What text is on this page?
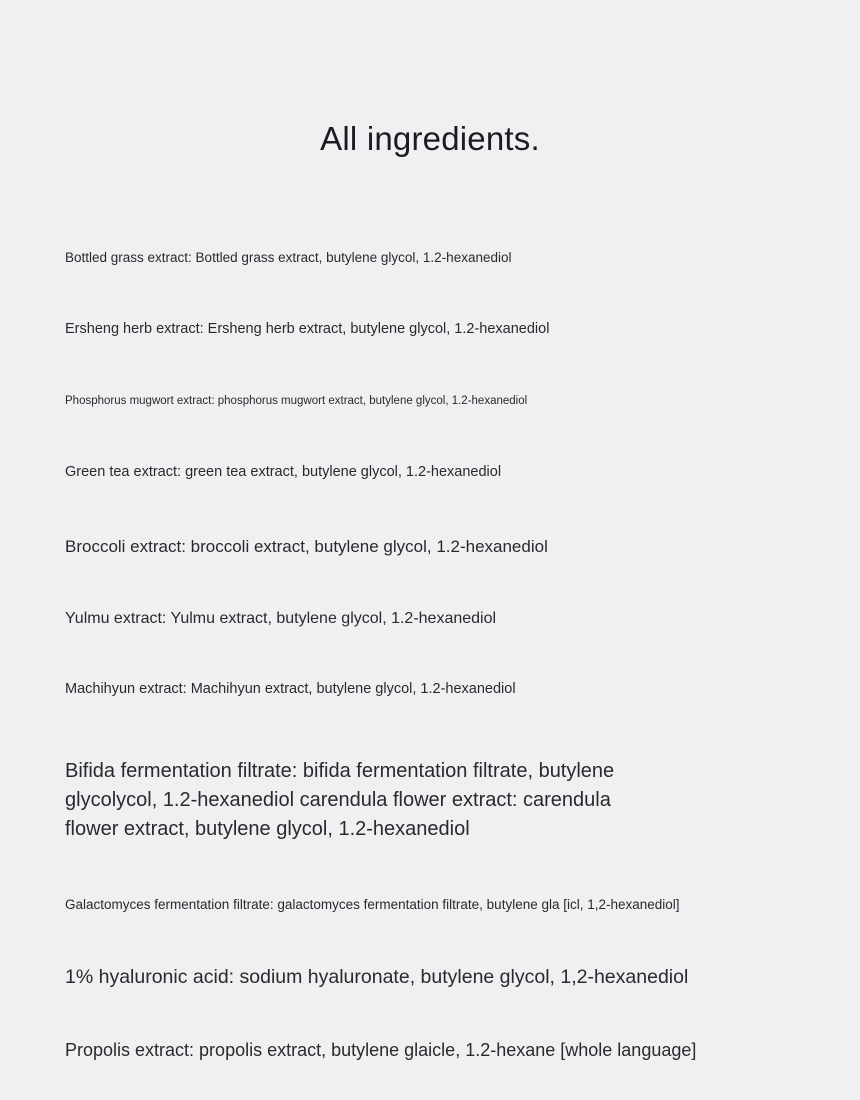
All ingredients.

Bottled grass extract: Bottled grass extract, butylene glycol, 1.2-hexanediol

Ersheng herb extract: Ersheng herb extract, butylene glycol, 1.2-hexanediol

Phosphorus mugwort extract: phosphorus mugwort extract, butylene glycol, 1.2-hexanediol

Green tea extract: green tea extract, butylene glycol, 1.2-hexanediol

Broccoli extract: broccoli extract, butylene glycol, 1.2-hexanediol

Yulmu extract: Yulmu extract, butylene glycol, 1.2-hexanediol

Machihyun extract: Machihyun extract, butylene glycol, 1.2-hexanediol

Bifida fermentation filtrate: bifida fermentation filtrate, butylene glycolycol, 1.2-hexanediol carendula flower extract: carendula flower extract, butylene glycol, 1.2-hexanediol

Galactomyces fermentation filtrate: galactomyces fermentation filtrate, butylene gla [icl, 1,2-hexanediol]

1% hyaluronic acid: sodium hyaluronate, butylene glycol, 1,2-hexanediol

Propolis extract: propolis extract, butylene glaicle, 1.2-hexane [whole language]
